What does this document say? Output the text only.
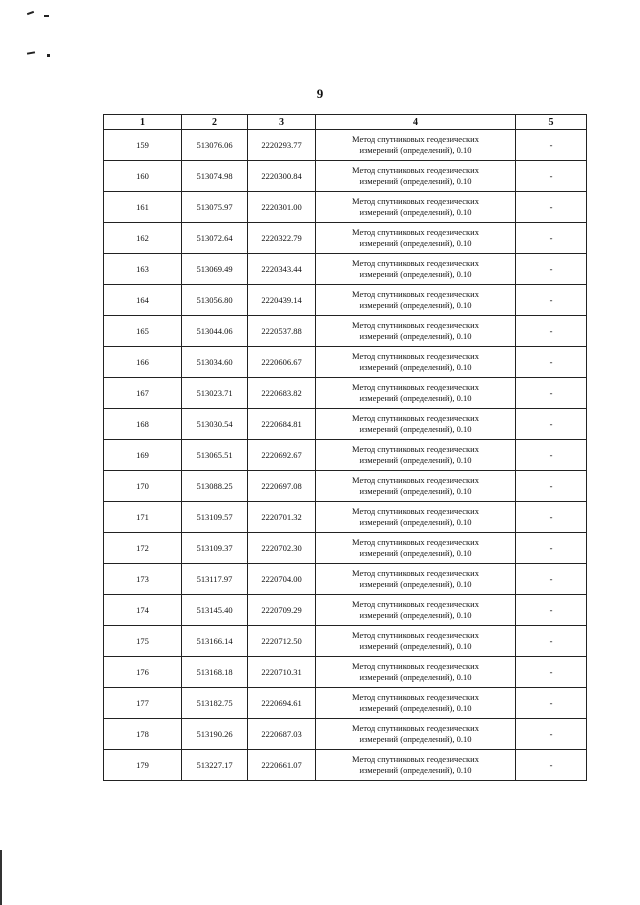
9
1	2	3	4	5
159	513076.06	2220293.77	Метод спутниковых геодезических
измерений (определений), 0.10	-
160	513074.98	2220300.84	Метод спутниковых геодезических
измерений (определений), 0.10	-
161	513075.97	2220301.00	Метод спутниковых геодезических
измерений (определений), 0.10	-
162	513072.64	2220322.79	Метод спутниковых геодезических
измерений (определений), 0.10	-
163	513069.49	2220343.44	Метод спутниковых геодезических
измерений (определений), 0.10	-
164	513056.80	2220439.14	Метод спутниковых геодезических
измерений (определений), 0.10	-
165	513044.06	2220537.88	Метод спутниковых геодезических
измерений (определений), 0.10	-
166	513034.60	2220606.67	Метод спутниковых геодезических
измерений (определений), 0.10	-
167	513023.71	2220683.82	Метод спутниковых геодезических
измерений (определений), 0.10	-
168	513030.54	2220684.81	Метод спутниковых геодезических
измерений (определений), 0.10	-
169	513065.51	2220692.67	Метод спутниковых геодезических
измерений (определений), 0.10	-
170	513088.25	2220697.08	Метод спутниковых геодезических
измерений (определений), 0.10	-
171	513109.57	2220701.32	Метод спутниковых геодезических
измерений (определений), 0.10	-
172	513109.37	2220702.30	Метод спутниковых геодезических
измерений (определений), 0.10	-
173	513117.97	2220704.00	Метод спутниковых геодезических
измерений (определений), 0.10	-
174	513145.40	2220709.29	Метод спутниковых геодезических
измерений (определений), 0.10	-
175	513166.14	2220712.50	Метод спутниковых геодезических
измерений (определений), 0.10	-
176	513168.18	2220710.31	Метод спутниковых геодезических
измерений (определений), 0.10	-
177	513182.75	2220694.61	Метод спутниковых геодезических
измерений (определений), 0.10	-
178	513190.26	2220687.03	Метод спутниковых геодезических
измерений (определений), 0.10	-
179	513227.17	2220661.07	Метод спутниковых геодезических
измерений (определений), 0.10	-
